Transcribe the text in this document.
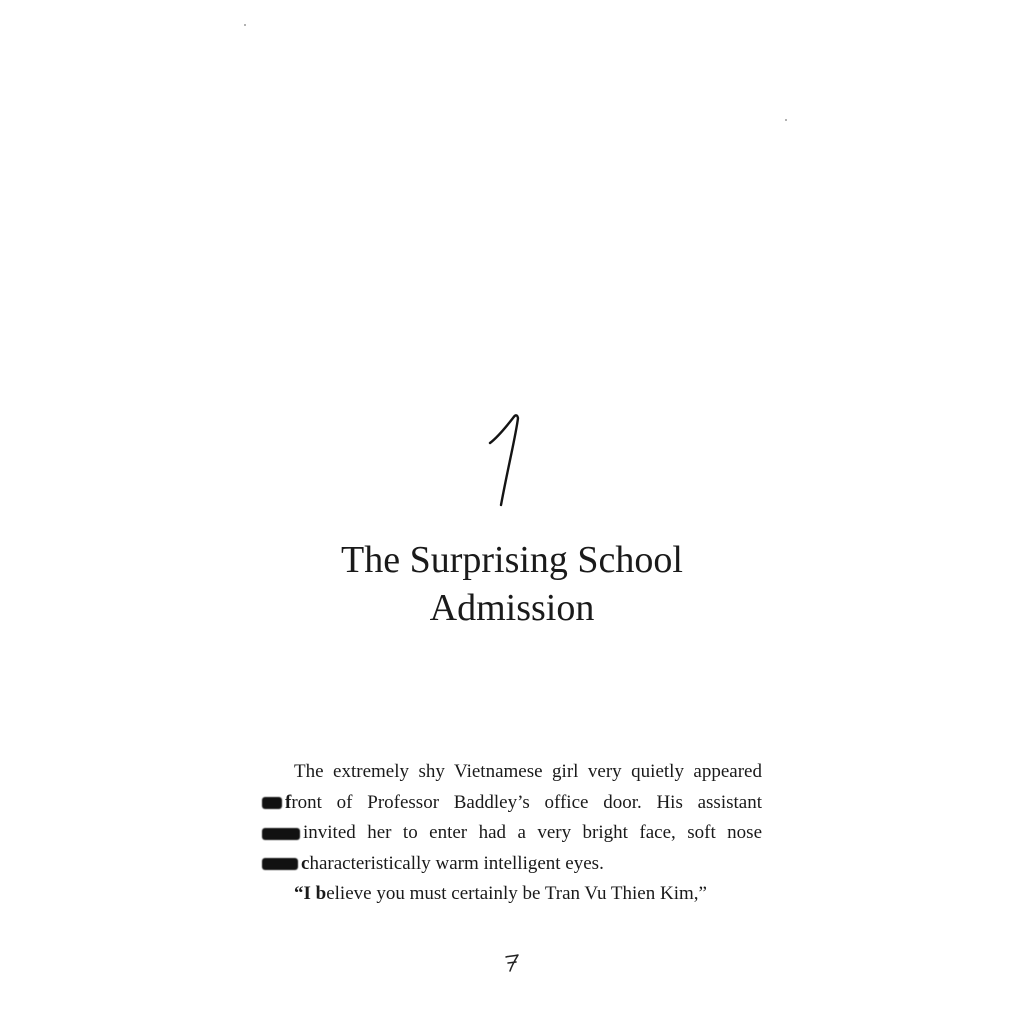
The Surprising School
Admission
The extremely shy Vietnamese girl very quietly appeared
front of Professor Baddley’s office door. His assistant
invited her to enter had a very bright face, soft nose
characteristically warm intelligent eyes.
“I believe you must certainly be Tran Vu Thien Kim,”
